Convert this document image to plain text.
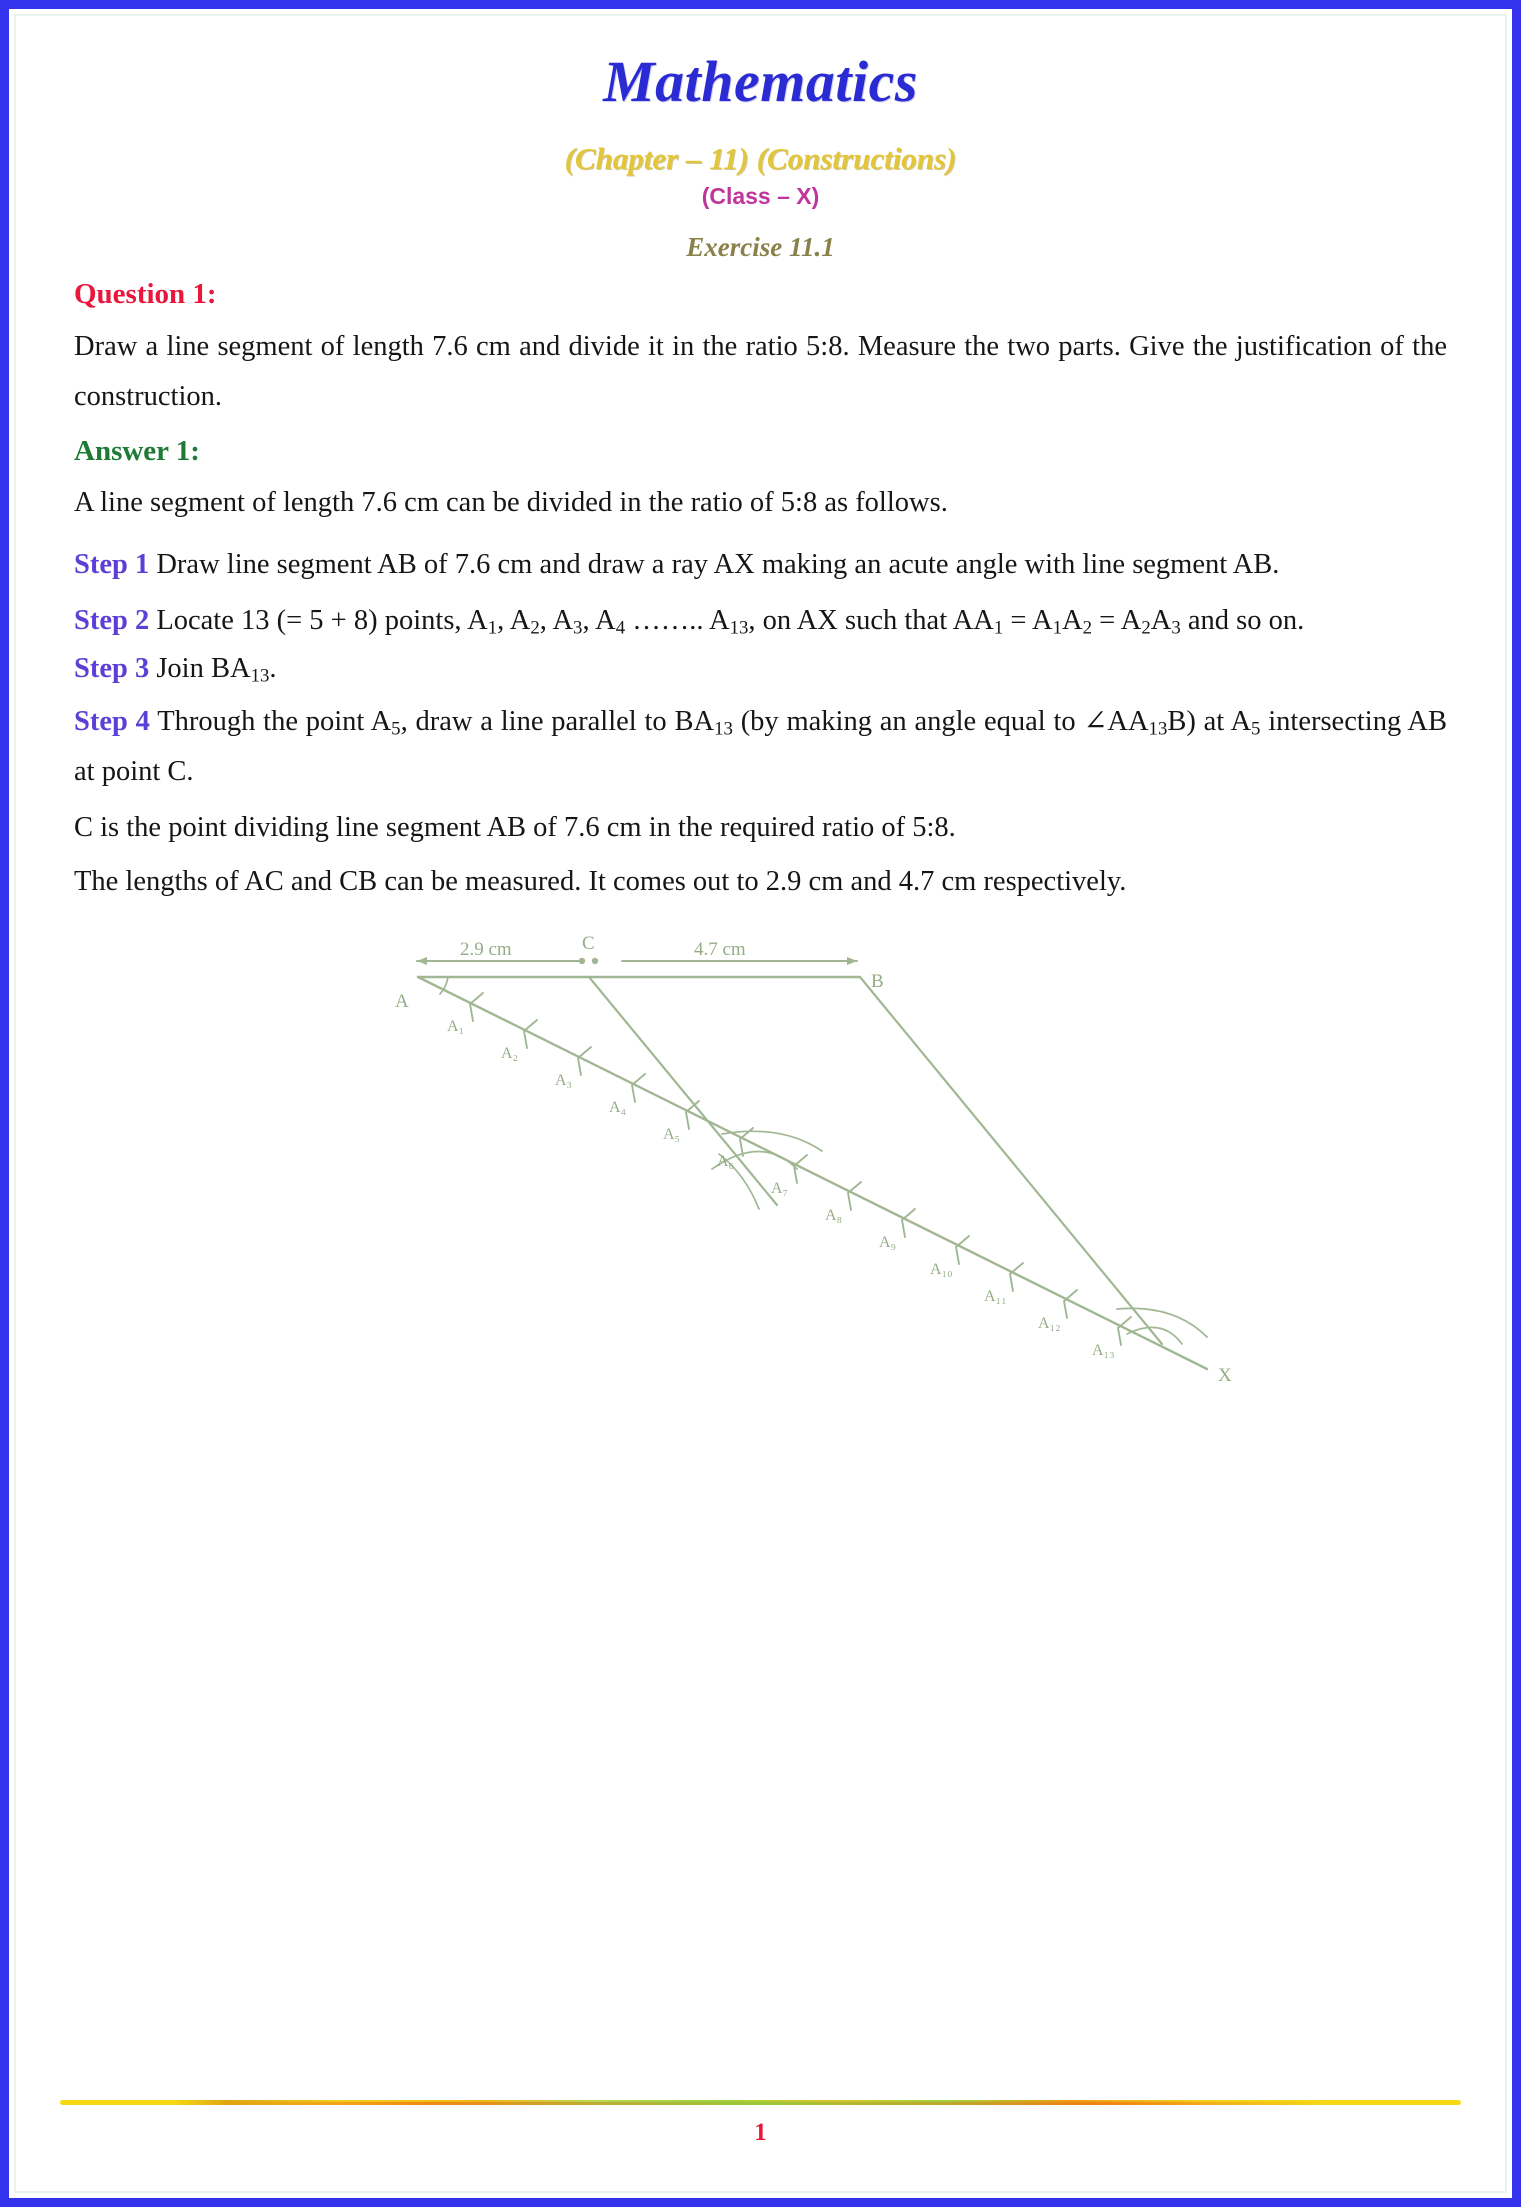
Mathematics
(Chapter – 11) (Constructions)
(Class – X)
Exercise 11.1

Question 1:

Draw a line segment of length 7.6 cm and divide it in the ratio 5:8. Measure the two parts. Give the justification of the construction.

Answer 1:

A line segment of length 7.6 cm can be divided in the ratio of 5:8 as follows.

Step 1 Draw line segment AB of 7.6 cm and draw a ray AX making an acute angle with line segment AB.

Step 2 Locate 13 (= 5 + 8) points, $A_1$, $A_2$, $A_3$, $A_4$ …….. $A_{13}$, on AX such that $AA_1 = A_1A_2 = A_2A_3$ and so on.

Step 3 Join $BA_{13}$.

Step 4 Through the point $A_5$, draw a line parallel to $BA_{13}$ (by making an angle equal to $\angle AA_{13}B$) at $A_5$ intersecting AB at point C.

C is the point dividing line segment AB of 7.6 cm in the required ratio of 5:8.

The lengths of AC and CB can be measured. It comes out to 2.9 cm and 4.7 cm respectively.

A
B
C
X
2.9 cm	4.7 cm
A₁
A₂
A₃
A₄
A₅
A₆
A₇
A₈
A₉
A₁₀
A₁₁
A₁₂
A₁₃
1
